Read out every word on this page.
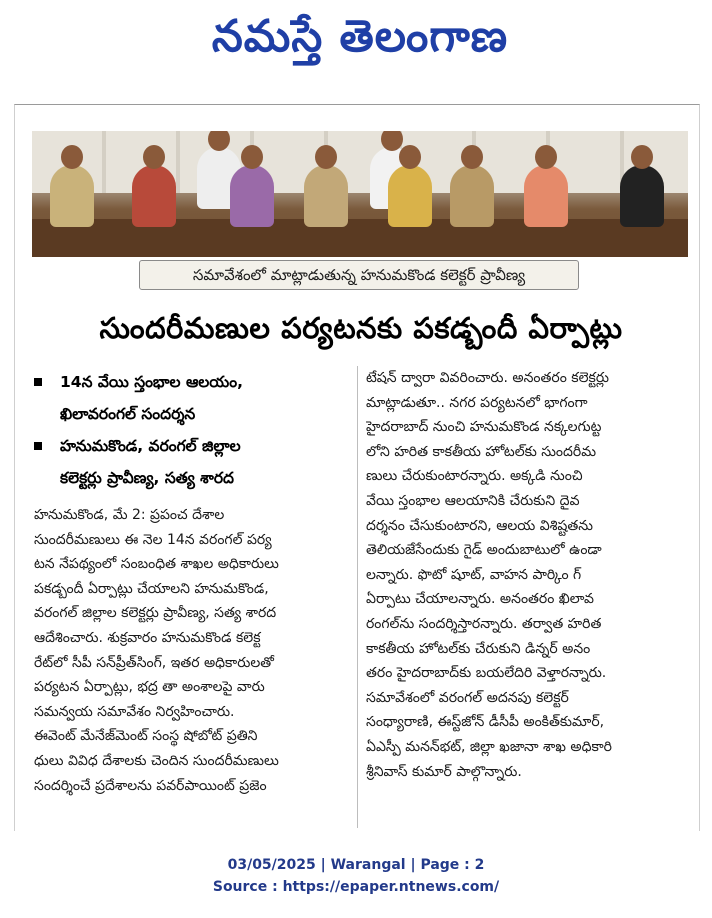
నమస్తే తెలంగాణ
సమావేశంలో మాట్లాడుతున్న హనుమకొండ కలెక్టర్ ప్రావీణ్య
సుందరీమణుల పర్యటనకు పకడ్బందీ ఏర్పాట్లు
14న వేయి స్తంభాల ఆలయం,
ఖిలావరంగల్ సందర్శన
హనుమకొండ, వరంగల్ జిల్లాల
కలెక్టర్లు ప్రావీణ్య, సత్య శారద
హనుమకొండ, మే 2: ప్రపంచ దేశాల
సుందరీమణులు ఈ నెల 14న వరంగల్ పర్య
టన నేపథ్యంలో సంబంధిత శాఖల అధికారులు
పకడ్బందీ ఏర్పాట్లు చేయాలని హనుమకొండ,
వరంగల్ జిల్లాల కలెక్టర్లు ప్రావీణ్య, సత్య శారద
ఆదేశించారు. శుక్రవారం హనుమకొండ కలెక్ట
రేట్‌లో సీపీ సన్‌ప్రీత్‌సింగ్, ఇతర అధికారులతో
పర్యటన ఏర్పాట్లు, భద్ర తా అంశాలపై వారు
సమన్వయ సమావేశం నిర్వహించారు.
ఈవెంట్ మేనేజ్‌మెంట్ సంస్థ షోబోట్ ప్రతిని
ధులు వివిధ దేశాలకు చెందిన సుందరీమణులు
సందర్శించే ప్రదేశాలను పవర్‌పాయింట్ ప్రజెం
టేషన్ ద్వారా వివరించారు. అనంతరం కలెక్టర్లు
మాట్లాడుతూ.. నగర పర్యటనలో భాగంగా
హైదరాబాద్ నుంచి హనుమకొండ నక్కలగుట్ట
లోని హరిత కాకతీయ హోటల్‌కు సుందరీమ
ణులు చేరుకుంటారన్నారు. అక్కడి నుంచి
వేయి స్తంభాల ఆలయానికి చేరుకుని దైవ
దర్శనం చేసుకుంటారని, ఆలయ విశిష్టతను
తెలియజేసేందుకు గైడ్ అందుబాటులో ఉండా
లన్నారు. ఫొటో షూట్, వాహన పార్కిం గ్
ఏర్పాటు చేయాలన్నారు. అనంతరం ఖిలావ
రంగల్‌ను సందర్శిస్తారన్నారు. తర్వాత హరిత
కాకతీయ హోటల్‌కు చేరుకుని డిన్నర్ అనం
తరం హైదరాబాద్‌కు బయలేదిరి వెళ్తారన్నారు.
సమావేశంలో వరంగల్ అదనపు కలెక్టర్
సంధ్యారాణి, ఈస్ట్‌జోన్ డీసీపీ అంకిత్‌కుమార్,
ఏఎస్పీ మనన్‌భట్, జిల్లా ఖజానా శాఖ అధికారి
శ్రీనివాస్ కుమార్ పాల్గొన్నారు.
03/05/2025 | Warangal | Page : 2
Source : https://epaper.ntnews.com/
